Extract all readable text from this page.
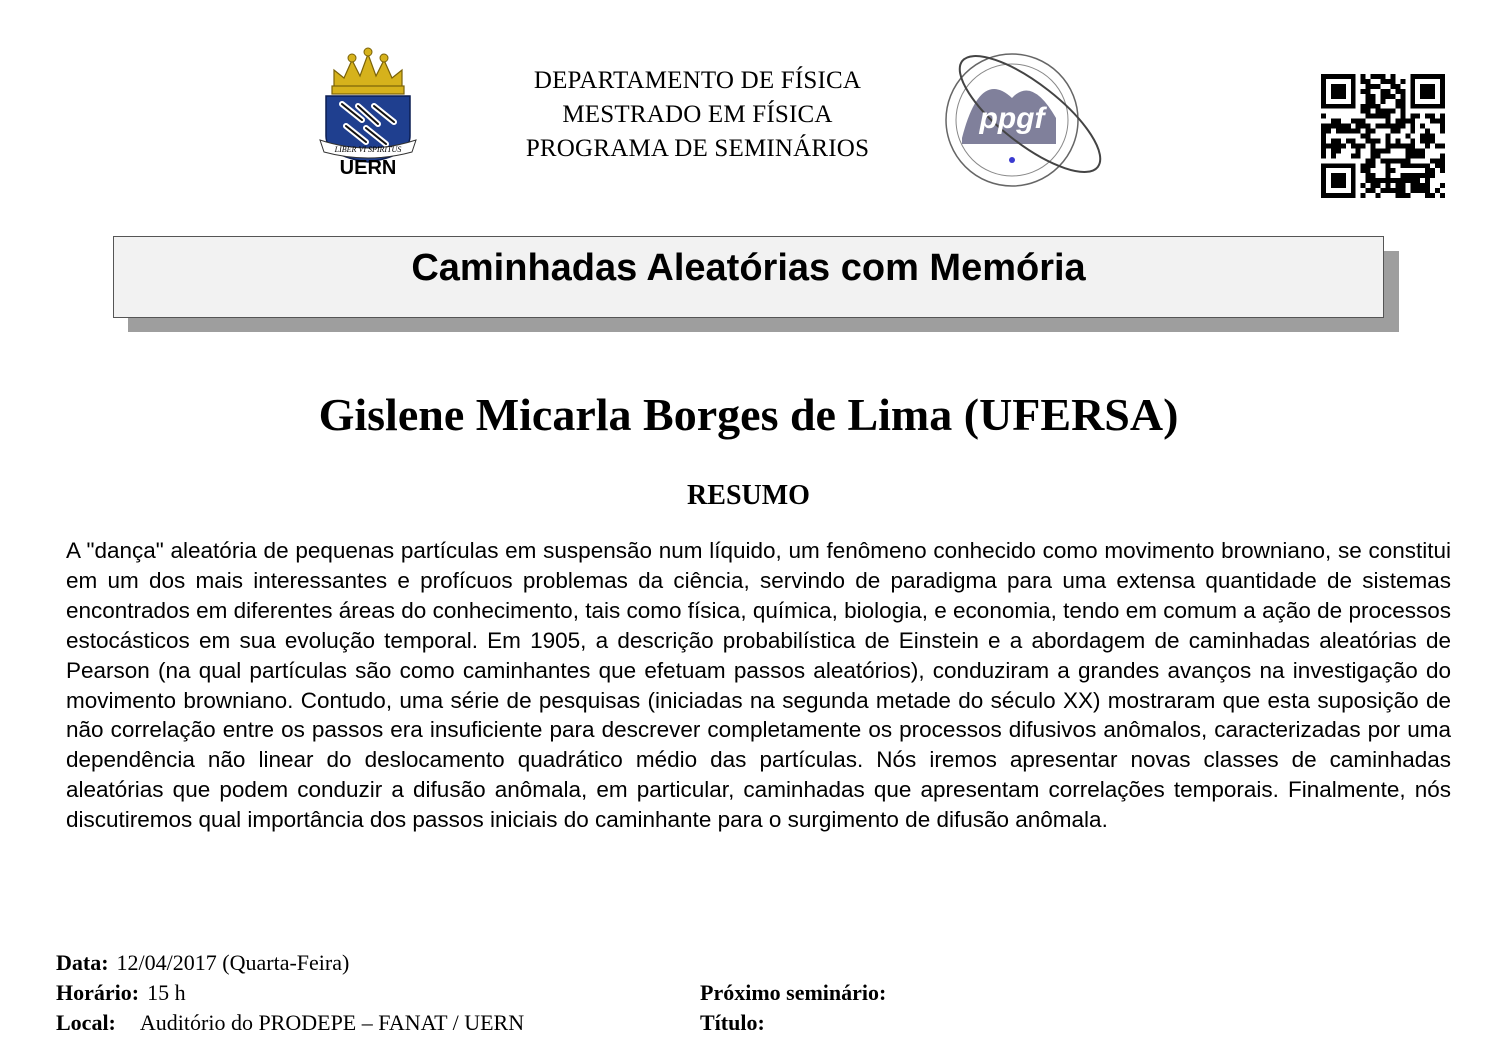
LIBER VI SPIRITUS
UERN
DEPARTAMENTO DE FÍSICA
MESTRADO EM FÍSICA
PROGRAMA DE SEMINÁRIOS
ppgf
Caminhadas Aleatórias com Memória
Gislene Micarla Borges de Lima (UFERSA)
RESUMO
A "dança" aleatória de pequenas partículas em suspensão num líquido, um fenômeno conhecido como movimento browniano, se constitui em um dos mais interessantes e profícuos problemas da ciência, servindo de paradigma para uma extensa quantidade de sistemas encontrados em diferentes áreas do conhecimento, tais como física, química, biologia, e economia, tendo em comum a ação de processos estocásticos em sua evolução temporal. Em 1905, a descrição probabilística de Einstein e a abordagem de caminhadas aleatórias de Pearson (na qual partículas são como caminhantes que efetuam passos aleatórios), conduziram a grandes avanços na investigação do movimento browniano. Contudo, uma série de pesquisas (iniciadas na segunda metade do século XX) mostraram que esta suposição de não correlação entre os passos era insuficiente para descrever completamente os processos difusivos anômalos, caracterizadas por uma dependência não linear do deslocamento quadrático médio das partículas. Nós iremos apresentar novas classes de caminhadas aleatórias que podem conduzir a difusão anômala, em particular, caminhadas que apresentam correlações temporais. Finalmente, nós discutiremos qual importância dos passos iniciais do caminhante para o surgimento de difusão anômala.
Data: 12/04/2017 (Quarta-Feira)
Horário: 15 h
Local: Auditório do PRODEPE – FANAT / UERN
Próximo seminário:
Título:
